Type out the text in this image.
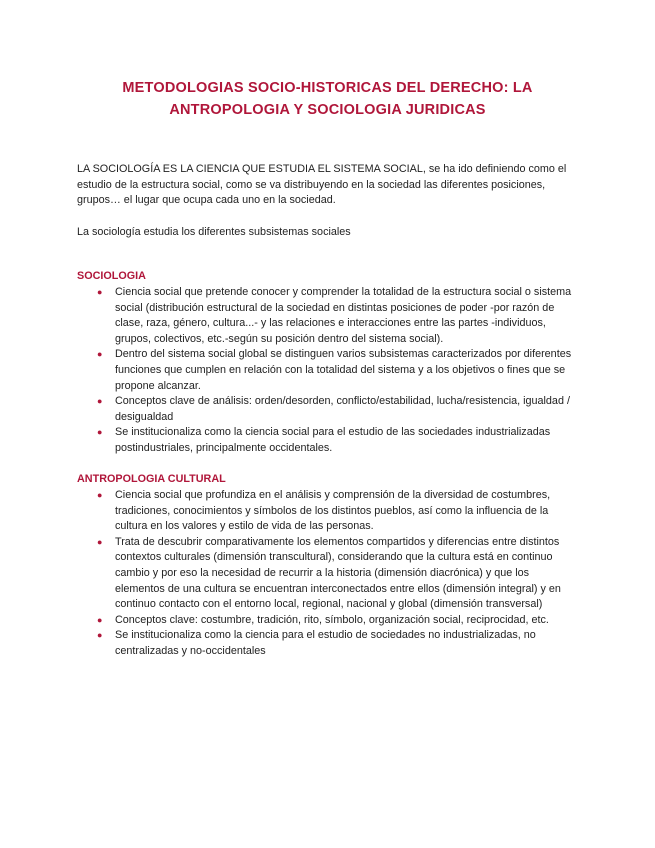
METODOLOGIAS SOCIO-HISTORICAS DEL DERECHO: LA
ANTROPOLOGIA Y SOCIOLOGIA JURIDICAS

LA SOCIOLOGÍA ES LA CIENCIA QUE ESTUDIA EL SISTEMA SOCIAL, se ha ido definiendo como el estudio de la estructura social, como se va distribuyendo en la sociedad las diferentes posiciones, grupos… el lugar que ocupa cada uno en la sociedad.

La sociología estudia los diferentes subsistemas sociales

SOCIOLOGIA
● Ciencia social que pretende conocer y comprender la totalidad de la estructura social o sistema social (distribución estructural de la sociedad en distintas posiciones de poder -por razón de clase, raza, género, cultura...- y las relaciones e interacciones entre las partes -individuos, grupos, colectivos, etc.-según su posición dentro del sistema social).
● Dentro del sistema social global se distinguen varios subsistemas caracterizados por diferentes funciones que cumplen en relación con la totalidad del sistema y a los objetivos o fines que se propone alcanzar.
● Conceptos clave de análisis: orden/desorden, conflicto/estabilidad, lucha/resistencia, igualdad / desigualdad
● Se institucionaliza como la ciencia social para el estudio de las sociedades industrializadas postindustriales, principalmente occidentales.
ANTROPOLOGIA CULTURAL
● Ciencia social que profundiza en el análisis y comprensión de la diversidad de costumbres, tradiciones, conocimientos y símbolos de los distintos pueblos, así como la influencia de la cultura en los valores y estilo de vida de las personas.
● Trata de descubrir comparativamente los elementos compartidos y diferencias entre distintos contextos culturales (dimensión transcultural), considerando que la cultura está en continuo cambio y por eso la necesidad de recurrir a la historia (dimensión diacrónica) y que los elementos de una cultura se encuentran interconectados entre ellos (dimensión integral) y en continuo contacto con el entorno local, regional, nacional y global (dimensión transversal)
● Conceptos clave: costumbre, tradición, rito, símbolo, organización social, reciprocidad, etc.
● Se institucionaliza como la ciencia para el estudio de sociedades no industrializadas, no centralizadas y no-occidentales
